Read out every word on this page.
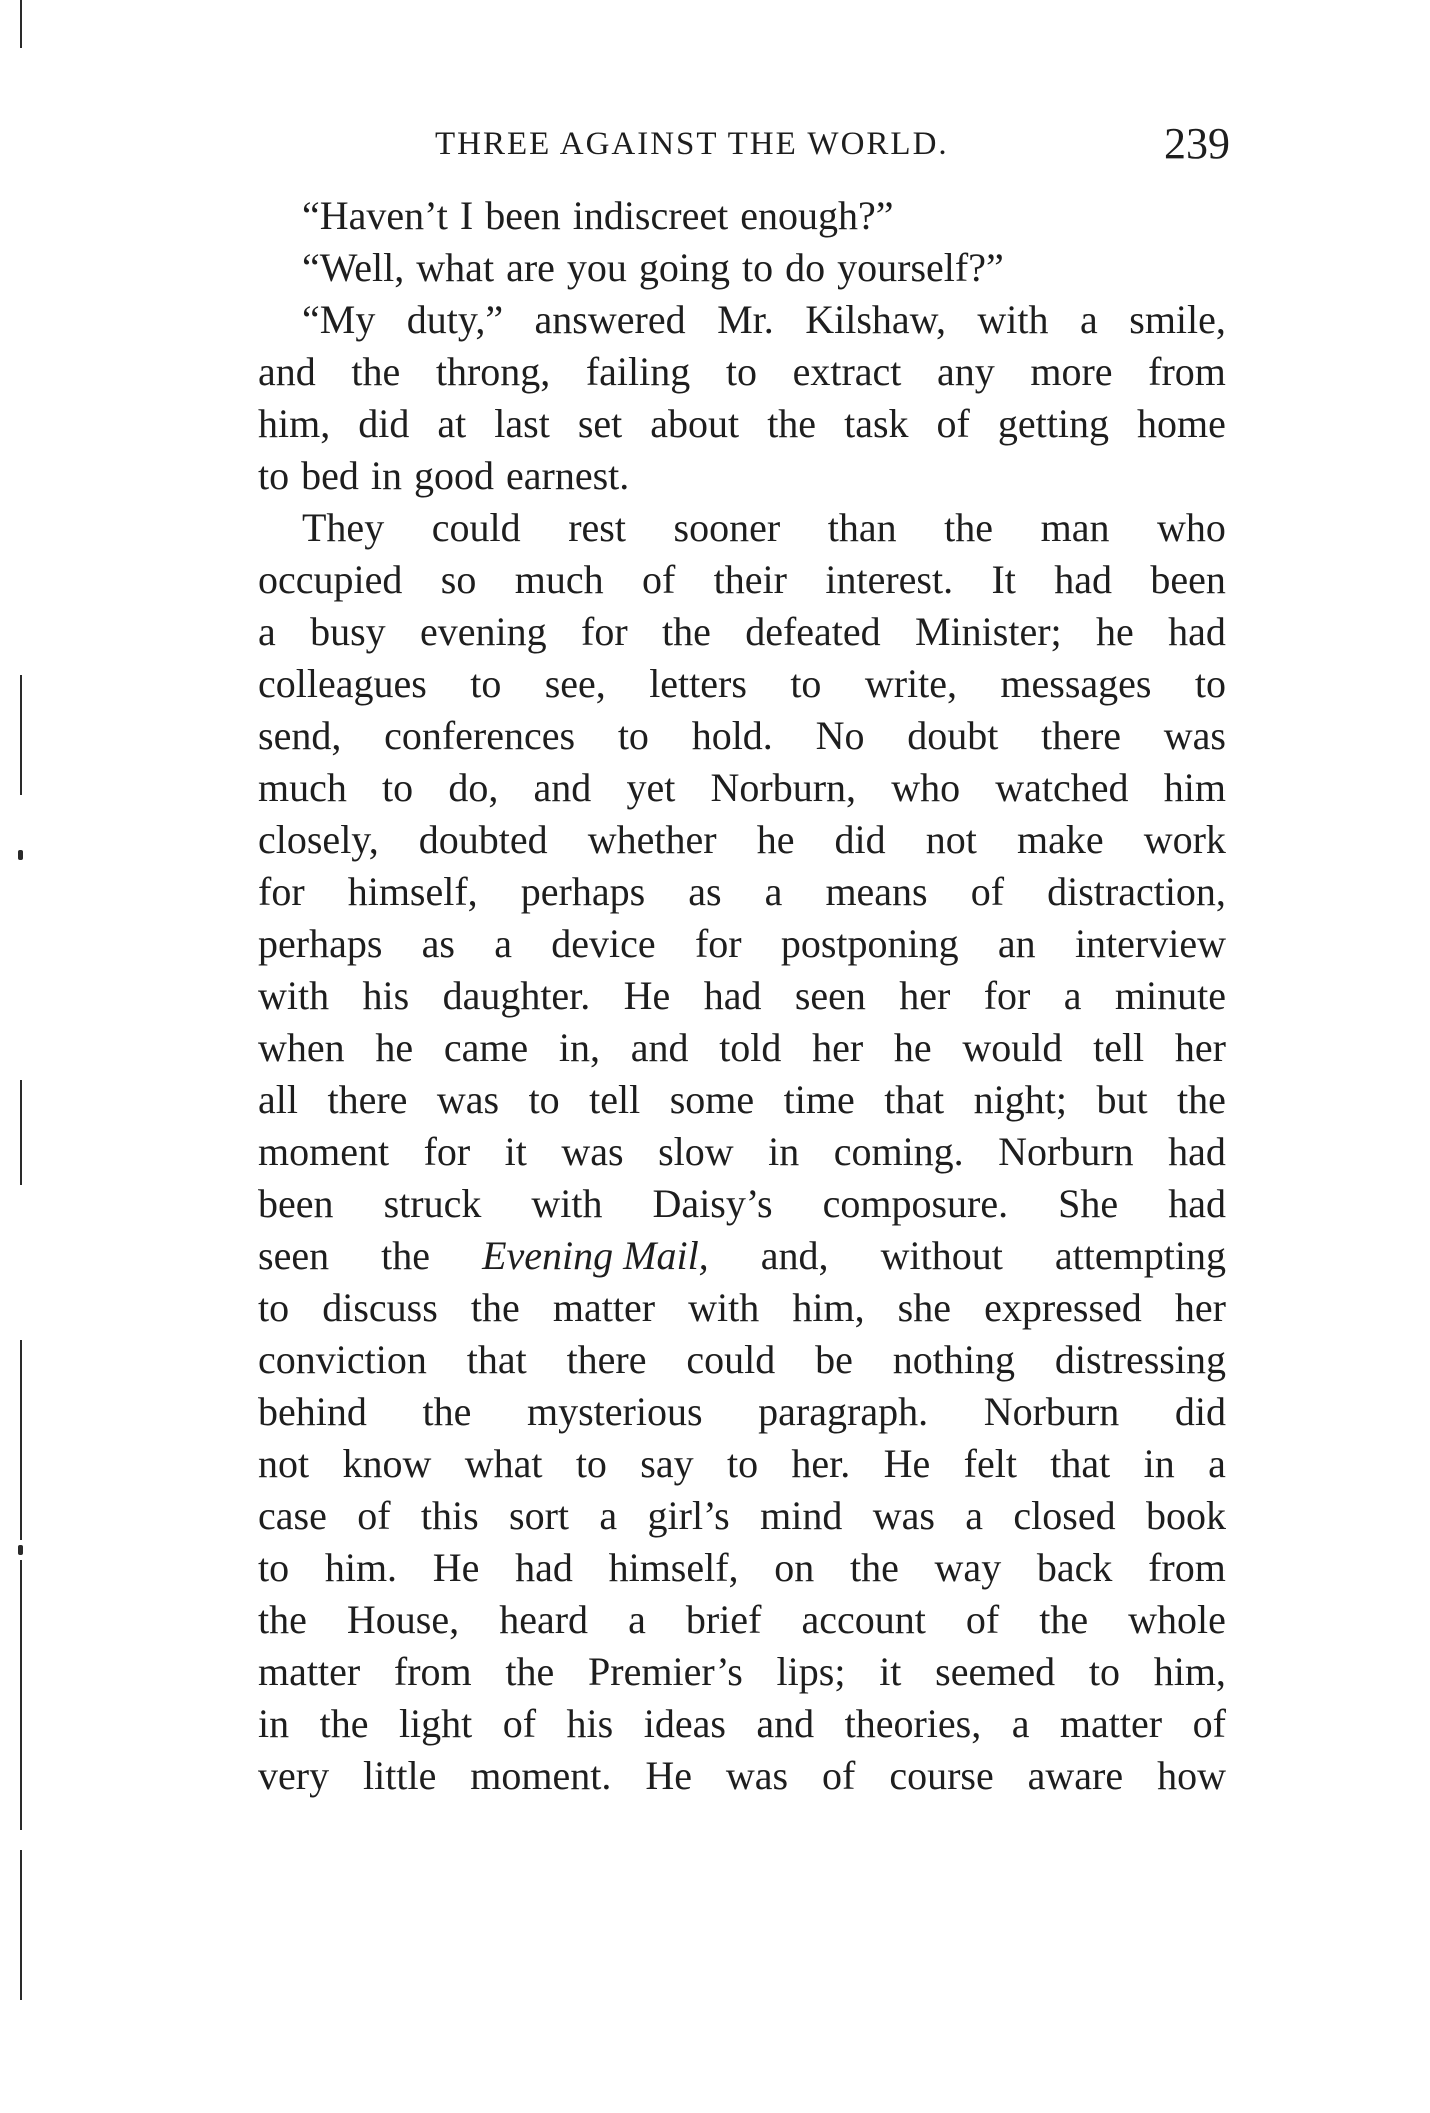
THREE AGAINST THE WORLD.	239
“Haven’t I been indiscreet enough?”
“Well, what are you going to do yourself?”
“My duty,” answered Mr. Kilshaw, with a smile,
and the throng, failing to extract any more from
him, did at last set about the task of getting home
to bed in good earnest.
They could rest sooner than the man who
occupied so much of their interest. It had been
a busy evening for the defeated Minister; he had
colleagues to see, letters to write, messages to
send, conferences to hold. No doubt there was
much to do, and yet Norburn, who watched him
closely, doubted whether he did not make work
for himself, perhaps as a means of distraction,
perhaps as a device for postponing an interview
with his daughter. He had seen her for a minute
when he came in, and told her he would tell her
all there was to tell some time that night; but the
moment for it was slow in coming. Norburn had
been struck with Daisy’s composure. She had
seen the Evening Mail, and, without attempting
to discuss the matter with him, she expressed her
conviction that there could be nothing distressing
behind the mysterious paragraph. Norburn did
not know what to say to her. He felt that in a
case of this sort a girl’s mind was a closed book
to him. He had himself, on the way back from
the House, heard a brief account of the whole
matter from the Premier’s lips; it seemed to him,
in the light of his ideas and theories, a matter of
very little moment. He was of course aware how
